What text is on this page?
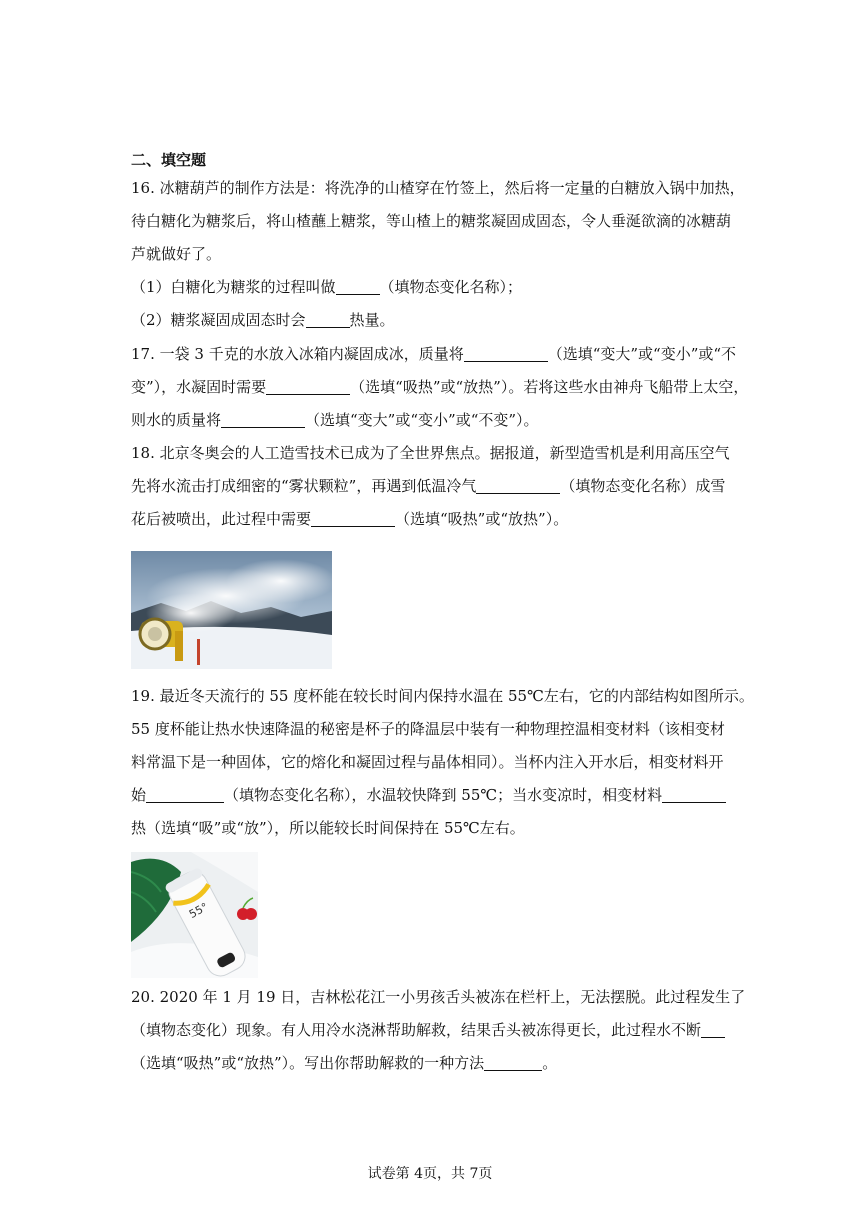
二、填空题
16. 冰糖葫芦的制作方法是：将洗净的山楂穿在竹签上，然后将一定量的白糖放入锅中加热，
待白糖化为糖浆后，将山楂蘸上糖浆，等山楂上的糖浆凝固成固态，令人垂涎欲滴的冰糖葫
芦就做好了。
（1）白糖化为糖浆的过程叫做	（填物态变化名称）；
（2）糖浆凝固成固态时会	热量。
17. 一袋 3 千克的水放入冰箱内凝固成冰，质量将	（选填“变大”或“变小”或“不
变”），水凝固时需要	（选填“吸热”或“放热”）。若将这些水由神舟飞船带上太空，
则水的质量将	（选填“变大”或“变小”或“不变”）。
18. 北京冬奥会的人工造雪技术已成为了全世界焦点。据报道，新型造雪机是利用高压空气
先将水流击打成细密的“雾状颗粒”，再遇到低温冷气	（填物态变化名称）成雪
花后被喷出，此过程中需要	（选填“吸热”或“放热”）。
19. 最近冬天流行的 55 度杯能在较长时间内保持水温在 55℃左右，它的内部结构如图所示。
55 度杯能让热水快速降温的秘密是杯子的降温层中装有一种物理控温相变材料（该相变材
料常温下是一种固体，它的熔化和凝固过程与晶体相同）。当杯内注入开水后，相变材料开
始	（填物态变化名称），水温较快降到 55℃；当水变凉时，相变材料
热（选填“吸”或“放”），所以能较长时间保持在 55℃左右。
55°
20. 2020 年 1 月 19 日，吉林松花江一小男孩舌头被冻在栏杆上，无法摆脱。此过程发生了
（填物态变化）现象。有人用冷水浇淋帮助解救，结果舌头被冻得更长，此过程水不断
（选填“吸热”或“放热”）。写出你帮助解救的一种方法	。
试卷第 4页，共 7页
